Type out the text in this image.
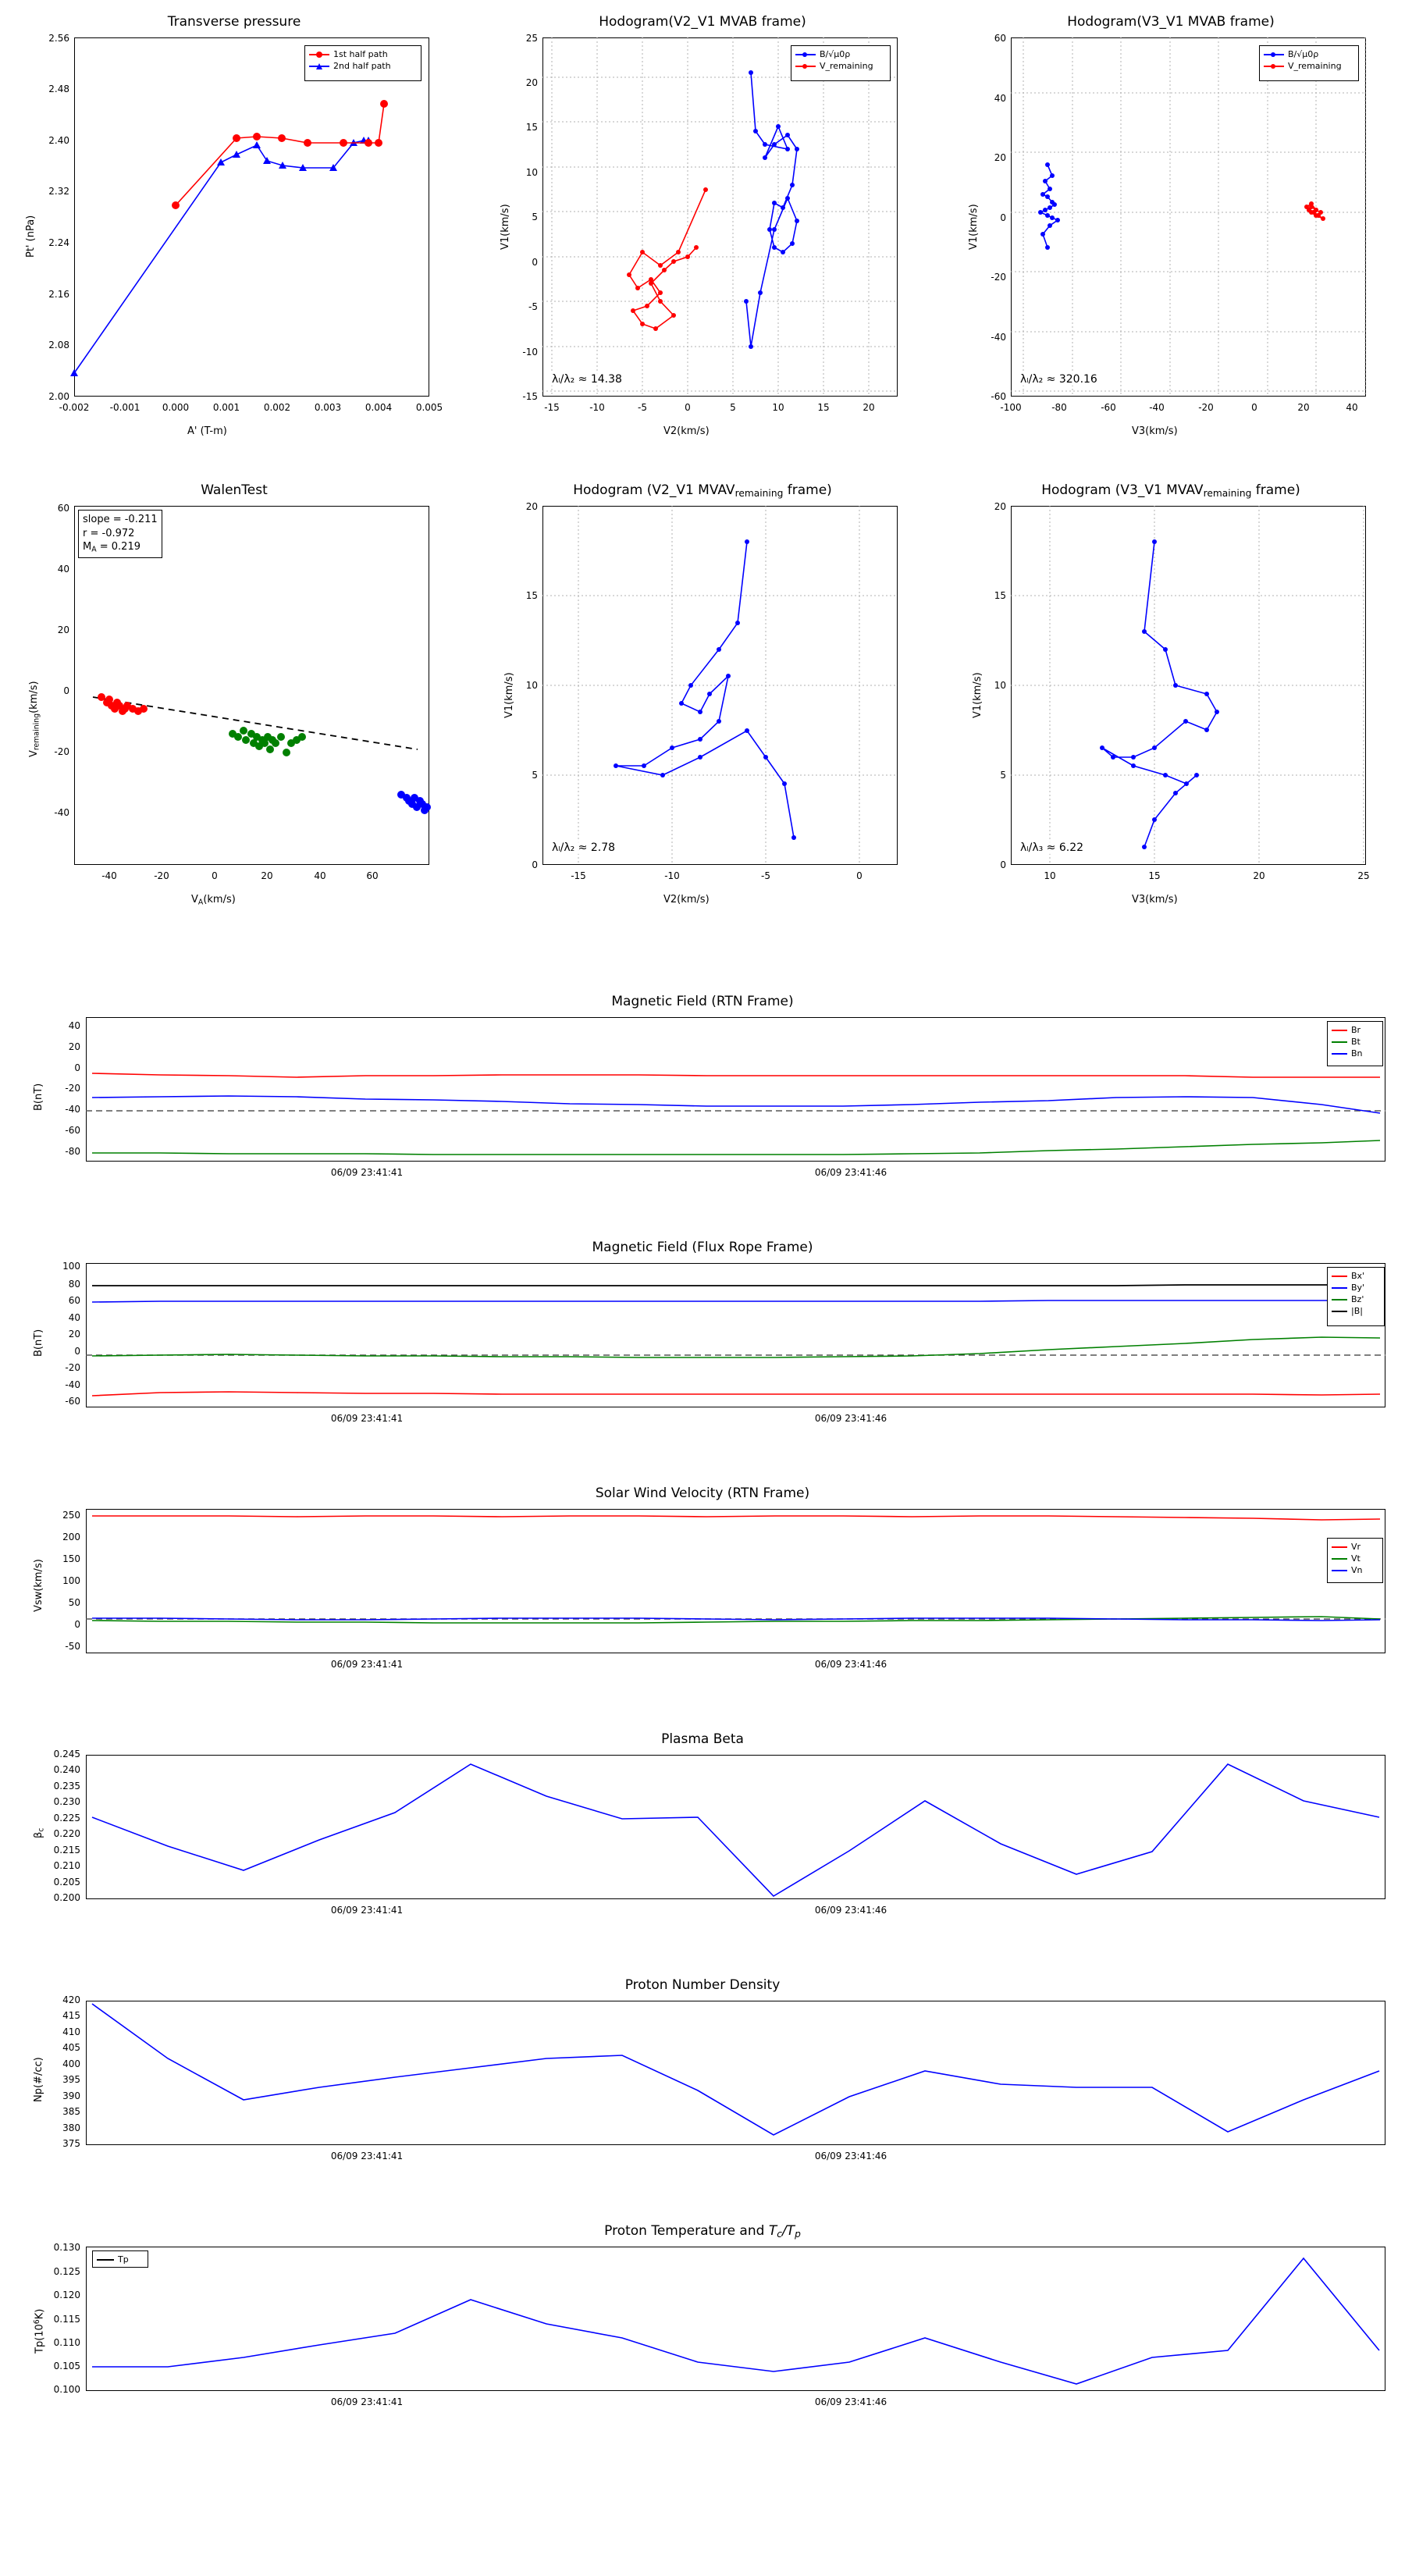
Transverse pressure
Pt' (nPa)
A' (T-m)
2.00
2.08
2.16
2.24
2.32
2.40
2.48
2.56
-0.002	-0.001	0.000	0.001	0.002	0.003	0.004	0.005
1st half path
2nd half path
Hodogram(V2_V1 MVAB frame)
V1(km/s)
V2(km/s)
-15
-10
-5
0
5
10
15
20
25
-15	-10	-5	0	5	10	15	20
λₗ/λ₂ ≈ 14.38
B/√μ0ρ
V_remaining
Hodogram(V3_V1 MVAB frame)
V1(km/s)
V3(km/s)
-60
-40
-20
0
20
40
60
-100	-80	-60	-40	-20	0	20	40
λₗ/λ₂ ≈ 320.16
B/√μ0ρ
V_remaining
WalenTest
$V_{remaining}(km/s)$
$V_A(km/s)$
-40
-20
0
20
40
60
-40	-20	0	20	40	60
slope = -0.211
r = -0.972
$M_A = 0.219$
Hodogram (V2_V1 $MVAV_{remaining}$ frame)
V1(km/s)
V2(km/s)
0
5
10
15
20
-15	-10	-5	0
λₗ/λ₂ ≈ 2.78
Hodogram (V3_V1 $MVAV_{remaining}$ frame)
V1(km/s)
V3(km/s)
0
5
10
15
20
10	15	20	25
λₗ/λ₃ ≈ 6.22
Magnetic Field (RTN Frame)
B(nT)
-80
-60
-40
-20
0
20
40
06/09 23:41:41	06/09 23:41:46
Br
Bt
Bn
Magnetic Field (Flux Rope Frame)
B(nT)
-60
-40
-20
0
20
40
60
80
100
06/09 23:41:41	06/09 23:41:46
Bx'
By'
Bz'
|B|
Solar Wind Velocity (RTN Frame)
Vsw(km/s)
-50
0
50
100
150
200
250
06/09 23:41:41	06/09 23:41:46
Vr
Vt
Vn
Plasma Beta
$\beta_c$
0.200
0.205
0.210
0.215
0.220
0.225
0.230
0.235
0.240
0.245
06/09 23:41:41	06/09 23:41:46
Proton Number Density
Np(#/cc)
375
380
385
390
395
400
405
410
415
420
06/09 23:41:41	06/09 23:41:46
Proton Temperature and $T_c/T_p$
$Tp(10^6K)$
0.100
0.105
0.110
0.115
0.120
0.125
0.130
06/09 23:41:41	06/09 23:41:46
Tp
